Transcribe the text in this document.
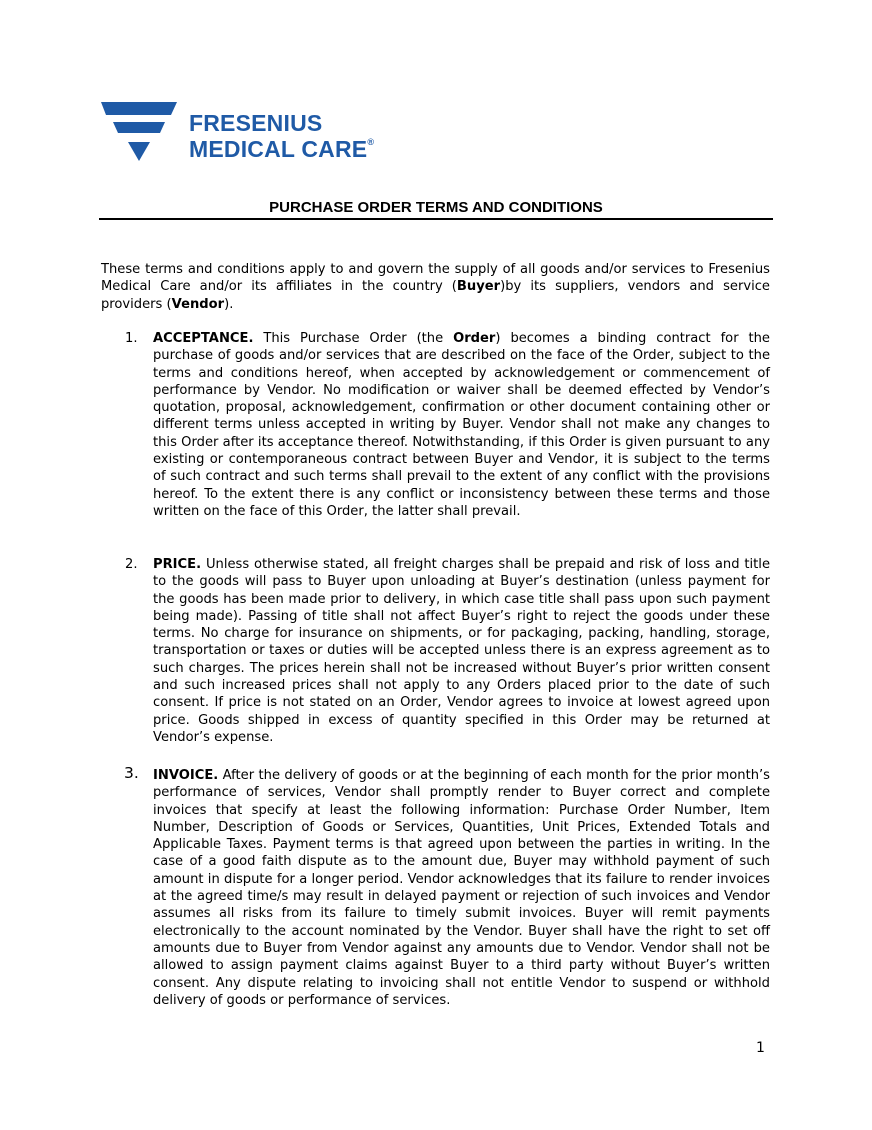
FRESENIUS
MEDICAL CARE®
PURCHASE ORDER TERMS AND CONDITIONS

These terms and conditions apply to and govern the supply of all goods and/or services to Fresenius Medical Care and/or its affiliates in the country (Buyer)by its suppliers, vendors and service providers (Vendor).

1. ACCEPTANCE. This Purchase Order (the Order) becomes a binding contract for the purchase of goods and/or services that are described on the face of the Order, subject to the terms and conditions hereof, when accepted by acknowledgement or commencement of performance by Vendor. No modification or waiver shall be deemed effected by Vendor’s quotation, proposal, acknowledgement, confirmation or other document containing other or different terms unless accepted in writing by Buyer. Vendor shall not make any changes to this Order after its acceptance thereof. Notwithstanding, if this Order is given pursuant to any existing or contemporaneous contract between Buyer and Vendor, it is subject to the terms of such contract and such terms shall prevail to the extent of any conflict with the provisions hereof. To the extent there is any conflict or inconsistency between these terms and those written on the face of this Order, the latter shall prevail.

2. PRICE. Unless otherwise stated, all freight charges shall be prepaid and risk of loss and title to the goods will pass to Buyer upon unloading at Buyer’s destination (unless payment for the goods has been made prior to delivery, in which case title shall pass upon such payment being made). Passing of title shall not affect Buyer’s right to reject the goods under these terms. No charge for insurance on shipments, or for packaging, packing, handling, storage, transportation or taxes or duties will be accepted unless there is an express agreement as to such charges. The prices herein shall not be increased without Buyer’s prior written consent and such increased prices shall not apply to any Orders placed prior to the date of such consent. If price is not stated on an Order, Vendor agrees to invoice at lowest agreed upon price. Goods shipped in excess of quantity specified in this Order may be returned at Vendor’s expense.

3. INVOICE. After the delivery of goods or at the beginning of each month for the prior month’s performance of services, Vendor shall promptly render to Buyer correct and complete invoices that specify at least the following information: Purchase Order Number, Item Number, Description of Goods or Services, Quantities, Unit Prices, Extended Totals and Applicable Taxes. Payment terms is that agreed upon between the parties in writing. In the case of a good faith dispute as to the amount due, Buyer may withhold payment of such amount in dispute for a longer period. Vendor acknowledges that its failure to render invoices at the agreed time/s may result in delayed payment or rejection of such invoices and Vendor assumes all risks from its failure to timely submit invoices. Buyer will remit payments electronically to the account nominated by the Vendor. Buyer shall have the right to set off amounts due to Buyer from Vendor against any amounts due to Vendor. Vendor shall not be allowed to assign payment claims against Buyer to a third party without Buyer’s written consent. Any dispute relating to invoicing shall not entitle Vendor to suspend or withhold delivery of goods or performance of services.

1
